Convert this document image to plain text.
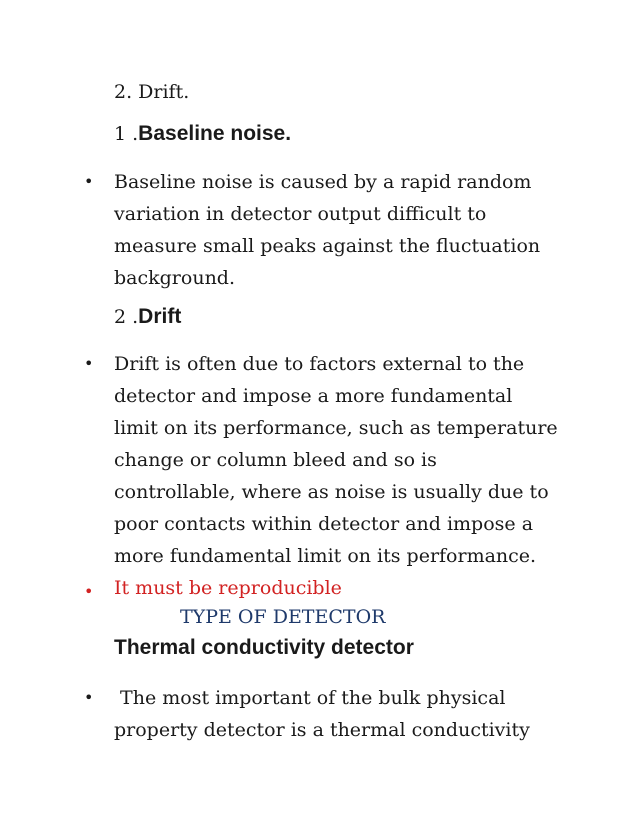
2. Drift.
1 .Baseline noise.
• Baseline noise is caused by a rapid random

variation in detector output difficult to

measure small peaks against the fluctuation

background.

2 .Drift
• Drift is often due to factors external to the

detector and impose a more fundamental

limit on its performance, such as temperature

change or column bleed and so is

controllable, where as noise is usually due to

poor contacts within detector and impose a

more fundamental limit on its performance.

• It must be reproducible
TYPE OF DETECTOR
Thermal conductivity detector
• The most important of the bulk physical

property detector is a thermal conductivity
